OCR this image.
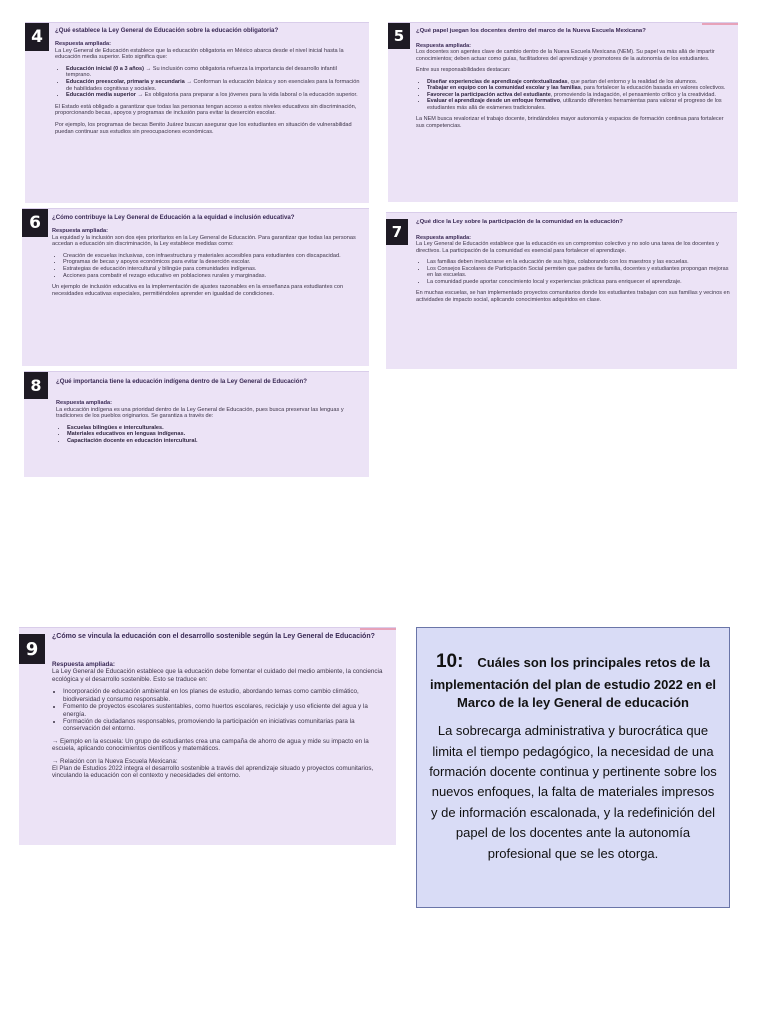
4	¿Qué establece la Ley General de Educación sobre la educación obligatoria?

Respuesta ampliada:

La Ley General de Educación establece que la educación obligatoria en México abarca desde el nivel inicial hasta la educación media superior. Esto significa que:

• Educación inicial (0 a 3 años) → Su inclusión como obligatoria refuerza la importancia del desarrollo infantil temprano.
• Educación preescolar, primaria y secundaria → Conforman la educación básica y son esenciales para la formación de habilidades cognitivas y sociales.
• Educación media superior → Es obligatoria para preparar a los jóvenes para la vida laboral o la educación superior.

El Estado está obligado a garantizar que todas las personas tengan acceso a estos niveles educativos sin discriminación, proporcionando becas, apoyos y programas de inclusión para evitar la deserción escolar.

Por ejemplo, los programas de becas Benito Juárez buscan asegurar que los estudiantes en situación de vulnerabilidad puedan continuar sus estudios sin preocupaciones económicas.

5	¿Qué papel juegan los docentes dentro del marco de la Nueva Escuela Mexicana?

Respuesta ampliada:

Los docentes son agentes clave de cambio dentro de la Nueva Escuela Mexicana (NEM). Su papel va más allá de impartir conocimientos; deben actuar como guías, facilitadores del aprendizaje y promotores de la autonomía de los estudiantes.

Entre sus responsabilidades destacan:

• Diseñar experiencias de aprendizaje contextualizadas, que partan del entorno y la realidad de los alumnos.
• Trabajar en equipo con la comunidad escolar y las familias, para fortalecer la educación basada en valores colectivos.
• Favorecer la participación activa del estudiante, promoviendo la indagación, el pensamiento crítico y la creatividad.
• Evaluar el aprendizaje desde un enfoque formativo, utilizando diferentes herramientas para valorar el progreso de los estudiantes más allá de exámenes tradicionales.

La NEM busca revalorizar el trabajo docente, brindándoles mayor autonomía y espacios de formación continua para fortalecer sus competencias.

6	¿Cómo contribuye la Ley General de Educación a la equidad e inclusión educativa?

Respuesta ampliada:

La equidad y la inclusión son dos ejes prioritarios en la Ley General de Educación. Para garantizar que todas las personas accedan a educación sin discriminación, la Ley establece medidas como:

• Creación de escuelas inclusivas, con infraestructura y materiales accesibles para estudiantes con discapacidad.
• Programas de becas y apoyos económicos para evitar la deserción escolar.
• Estrategias de educación intercultural y bilingüe para comunidades indígenas.
• Acciones para combatir el rezago educativo en poblaciones rurales y marginadas.

Un ejemplo de inclusión educativa es la implementación de ajustes razonables en la enseñanza para estudiantes con necesidades educativas especiales, permitiéndoles aprender en igualdad de condiciones.

7
¿Qué dice la Ley sobre la participación de la comunidad en la educación?

Respuesta ampliada:

La Ley General de Educación establece que la educación es un compromiso colectivo y no solo una tarea de los docentes y directivos. La participación de la comunidad es esencial para fortalecer el aprendizaje.

• Las familias deben involucrarse en la educación de sus hijos, colaborando con los maestros y las escuelas.
• Los Consejos Escolares de Participación Social permiten que padres de familia, docentes y estudiantes propongan mejoras en las escuelas.
• La comunidad puede aportar conocimiento local y experiencias prácticas para enriquecer el aprendizaje.

En muchas escuelas, se han implementado proyectos comunitarios donde los estudiantes trabajan con sus familias y vecinos en actividades de impacto social, aplicando conocimientos adquiridos en clase.

8	¿Qué importancia tiene la educación indígena dentro de la Ley General de Educación?

Respuesta ampliada:

La educación indígena es una prioridad dentro de la Ley General de Educación, pues busca preservar las lenguas y tradiciones de los pueblos originarios. Se garantiza a través de:

• Escuelas bilingües e interculturales.
• Materiales educativos en lenguas indígenas.
• Capacitación docente en educación intercultural.
9
¿Cómo se vincula la educación con el desarrollo sostenible según la Ley General de Educación?

Respuesta ampliada:

La Ley General de Educación establece que la educación debe fomentar el cuidado del medio ambiente, la conciencia ecológica y el desarrollo sostenible. Esto se traduce en:

• Incorporación de educación ambiental en los planes de estudio, abordando temas como cambio climático, biodiversidad y consumo responsable.
• Fomento de proyectos escolares sustentables, como huertos escolares, reciclaje y uso eficiente del agua y la energía.
• Formación de ciudadanos responsables, promoviendo la participación en iniciativas comunitarias para la conservación del entorno.

→ Ejemplo en la escuela: Un grupo de estudiantes crea una campaña de ahorro de agua y mide su impacto en la escuela, aplicando conocimientos científicos y matemáticos.

→ Relación con la Nueva Escuela Mexicana:

El Plan de Estudios 2022 integra el desarrollo sostenible a través del aprendizaje situado y proyectos comunitarios, vinculando la educación con el contexto y necesidades del entorno.

10: Cuáles son los principales retos de la implementación del plan de estudio 2022 en el Marco de la ley General de educación

La sobrecarga administrativa y burocrática que limita el tiempo pedagógico, la necesidad de una formación docente continua y pertinente sobre los nuevos enfoques, la falta de materiales impresos y de información escalonada, y la redefinición del papel de los docentes ante la autonomía profesional que se les otorga.
